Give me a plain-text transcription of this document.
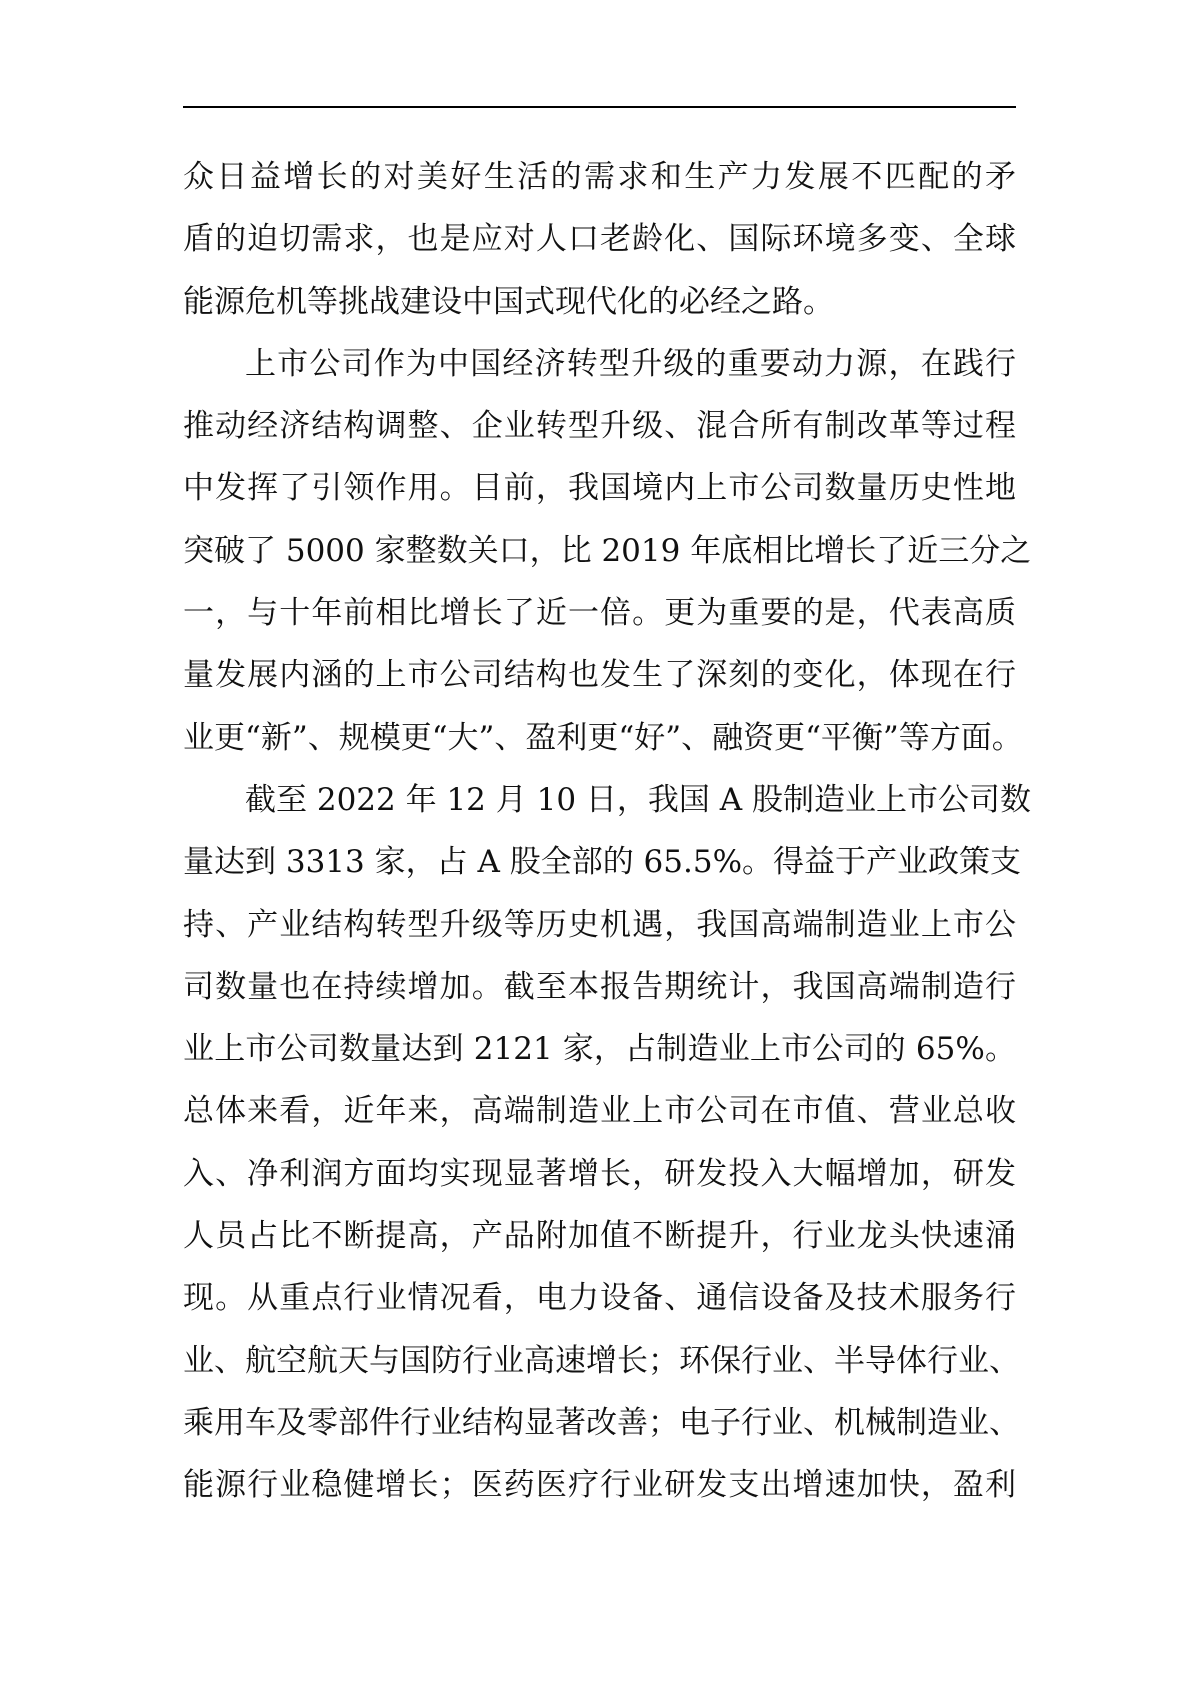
众日益增长的对美好生活的需求和生产力发展不匹配的矛
盾的迫切需求，也是应对人口老龄化、国际环境多变、全球
能源危机等挑战建设中国式现代化的必经之路。
上市公司作为中国经济转型升级的重要动力源，在践行
推动经济结构调整、企业转型升级、混合所有制改革等过程
中发挥了引领作用。目前，我国境内上市公司数量历史性地
突破了 5000 家整数关口，比 2019 年底相比增长了近三分之
一，与十年前相比增长了近一倍。更为重要的是，代表高质
量发展内涵的上市公司结构也发生了深刻的变化，体现在行
业更“新”、规模更“大”、盈利更“好”、融资更“平衡”等方面。
截至 2022 年 12 月 10 日，我国 A 股制造业上市公司数
量达到 3313 家，占 A 股全部的 65.5%。得益于产业政策支
持、产业结构转型升级等历史机遇，我国高端制造业上市公
司数量也在持续增加。截至本报告期统计，我国高端制造行
业上市公司数量达到 2121 家，占制造业上市公司的 65%。
总体来看，近年来，高端制造业上市公司在市值、营业总收
入、净利润方面均实现显著增长，研发投入大幅增加，研发
人员占比不断提高，产品附加值不断提升，行业龙头快速涌
现。从重点行业情况看，电力设备、通信设备及技术服务行
业、航空航天与国防行业高速增长；环保行业、半导体行业、
乘用车及零部件行业结构显著改善；电子行业、机械制造业、
能源行业稳健增长；医药医疗行业研发支出增速加快，盈利
